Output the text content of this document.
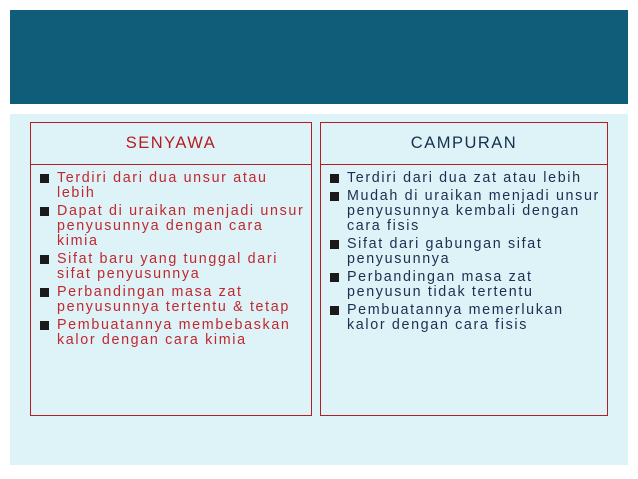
SENYAWA	CAMPURAN
Terdiri dari dua unsur atau lebih
Dapat di uraikan menjadi unsur penyusunnya dengan cara kimia
Sifat baru yang tunggal dari sifat penyusunnya
Perbandingan masa zat penyusunnya tertentu & tetap
Pembuatannya membebaskan kalor dengan cara kimia
Terdiri dari dua zat atau lebih
Mudah di uraikan menjadi unsur penyusunnya kembali dengan cara fisis
Sifat dari gabungan sifat penyusunnya
Perbandingan masa zat penyusun tidak tertentu
Pembuatannya memerlukan kalor dengan cara fisis
